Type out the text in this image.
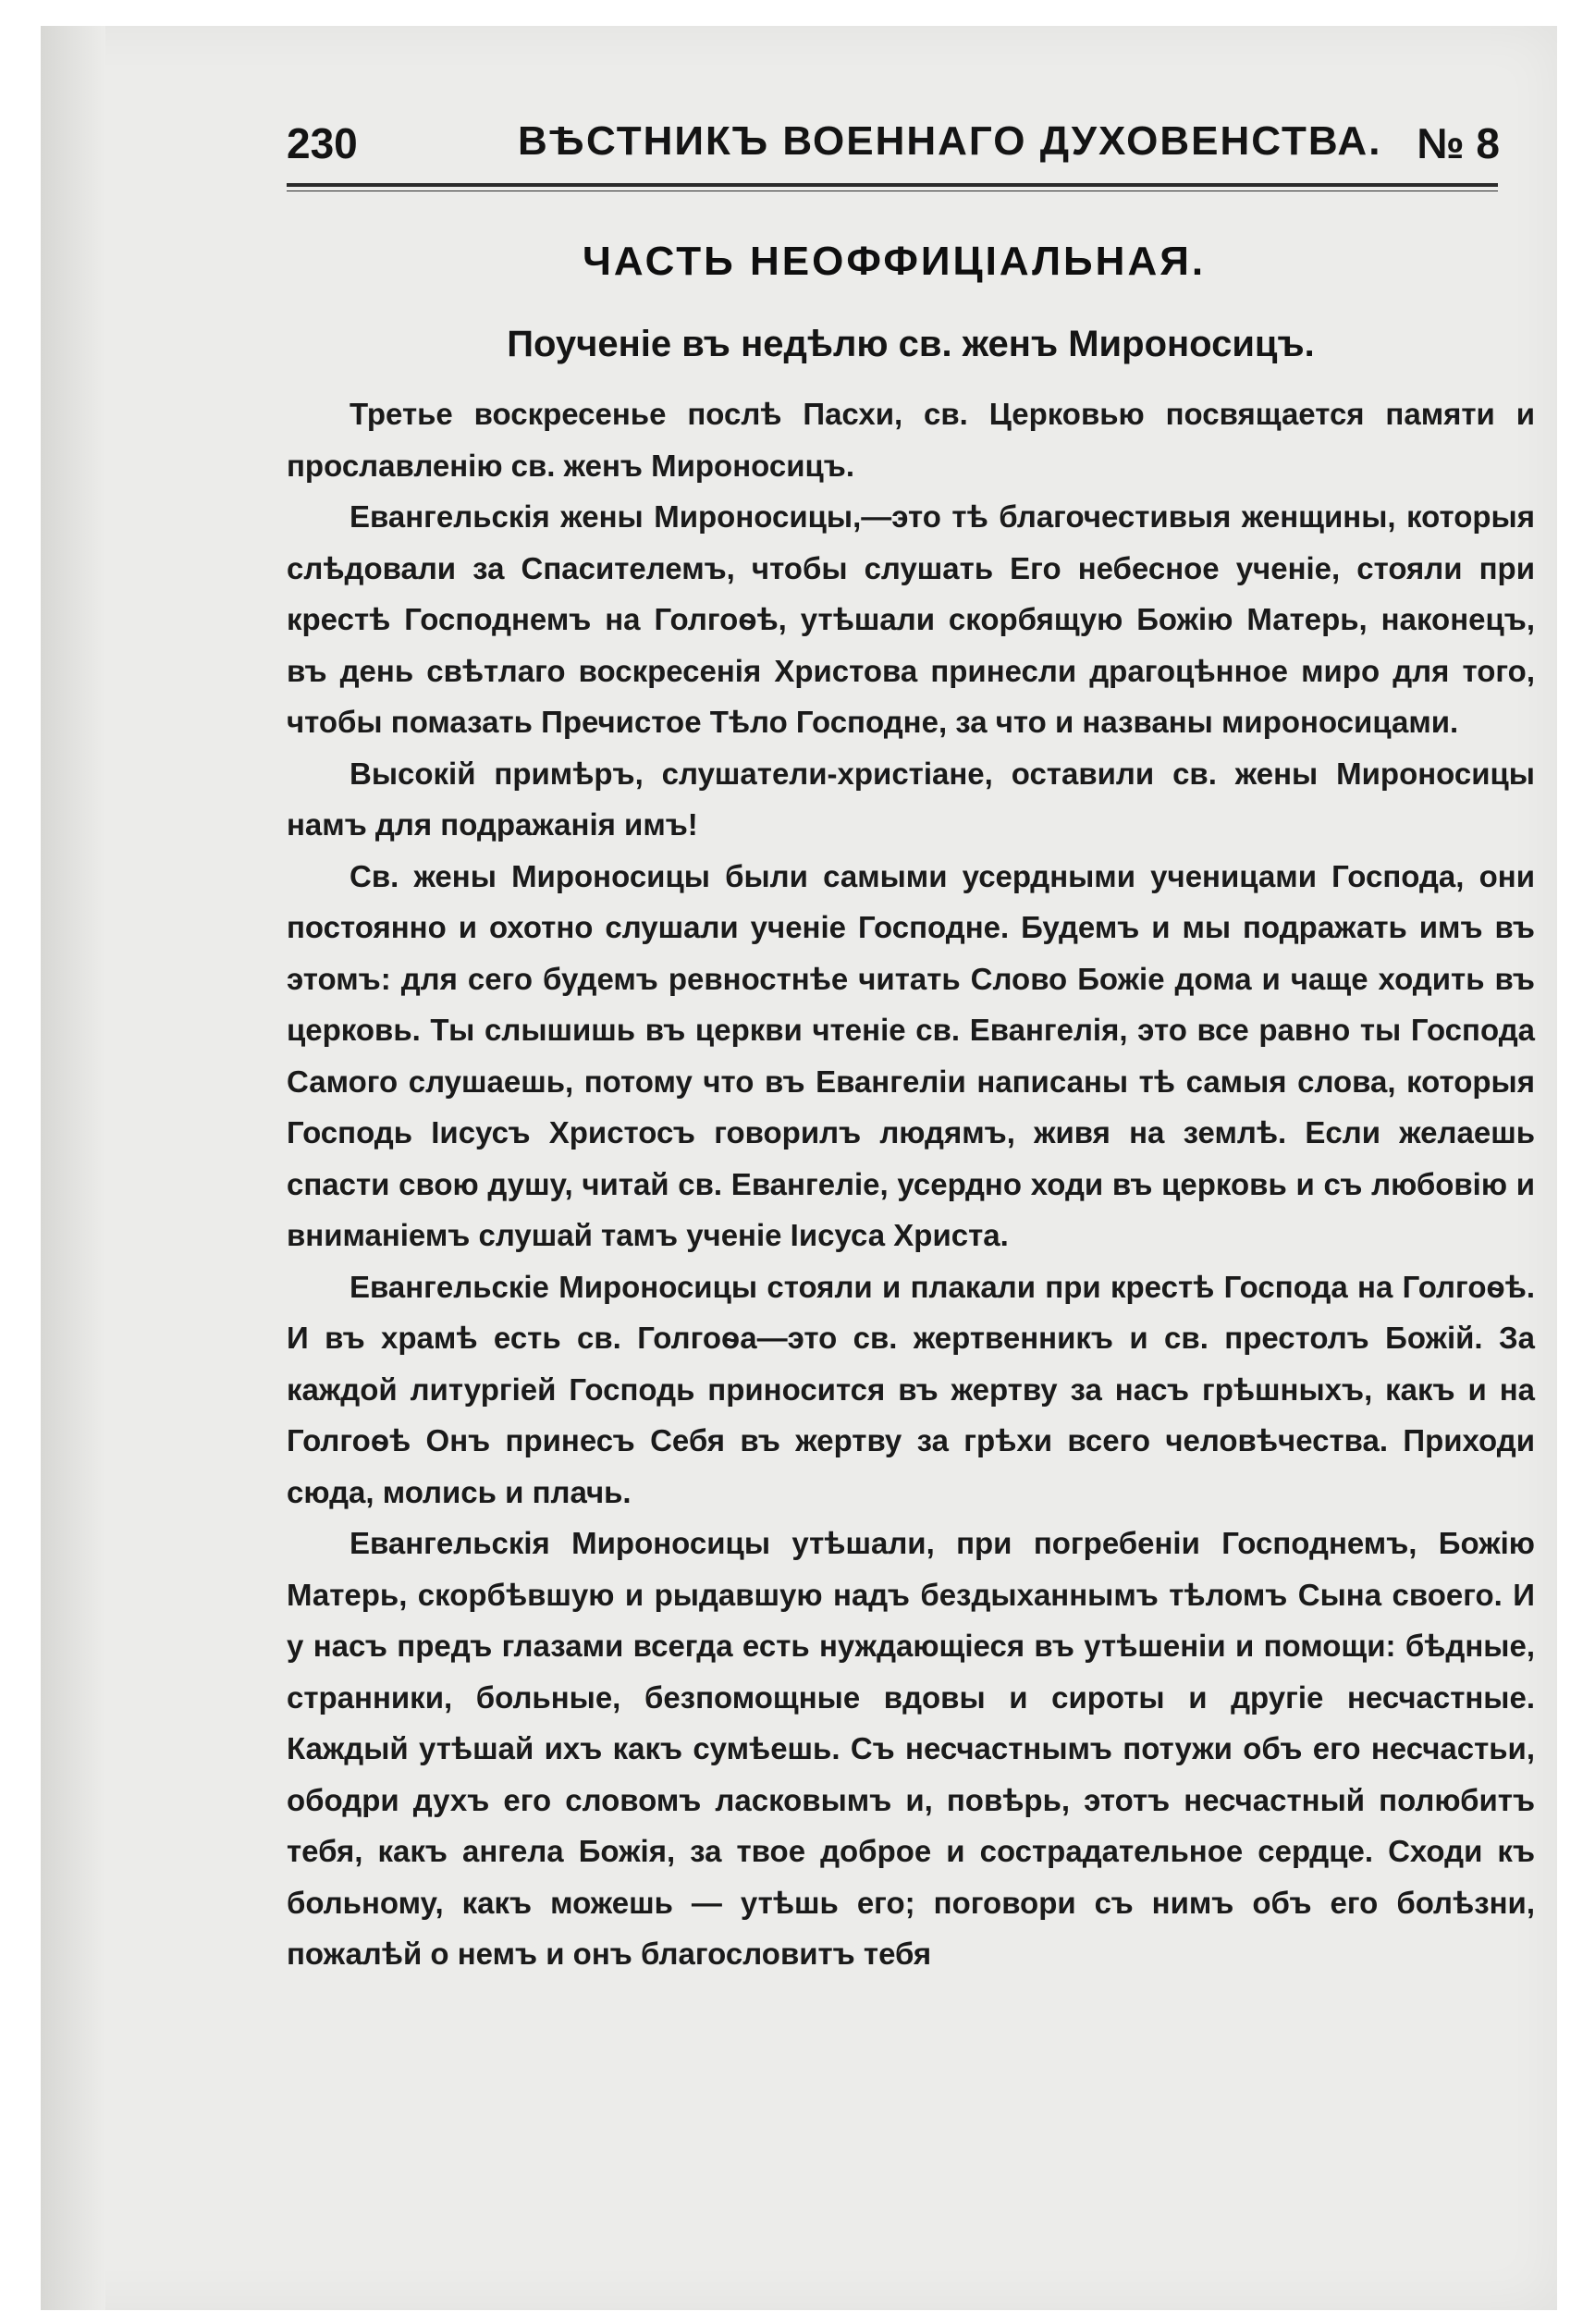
230	ВѢСТНИКЪ ВОЕННАГО ДУХОВЕНСТВА. № 8
ЧАСТЬ НЕОФФИЦІАЛЬНАЯ.
Поученіе въ недѣлю св. женъ Мироносицъ.

Третье воскресенье послѣ Пасхи, св. Церковью посвящается памяти и прославленію св. женъ Мироносицъ.

Евангельскія жены Мироносицы,—это тѣ благочестивыя женщины, которыя слѣдовали за Спасителемъ, чтобы слушать Его небесное ученіе, стояли при крестѣ Господнемъ на Голгоѳѣ, утѣшали скорбящую Божію Матерь, наконецъ, въ день свѣтлаго воскресенія Христова принесли драгоцѣнное миро для того, чтобы помазать Пречистое Тѣло Господне, за что и названы мироносицами.

Высокій примѣръ, слушатели-христіане, оставили св. жены Мироносицы намъ для подражанія имъ!

Св. жены Мироносицы были самыми усердными ученицами Господа, они постоянно и охотно слушали ученіе Господне. Будемъ и мы подражать имъ въ этомъ: для сего будемъ ревностнѣе читать Слово Божіе дома и чаще ходить въ церковь. Ты слышишь въ церкви чтеніе св. Евангелія, это все равно ты Господа Самого слушаешь, потому что въ Евангеліи написаны тѣ самыя слова, которыя Господь Іисусъ Христосъ говорилъ людямъ, живя на землѣ. Если желаешь спасти свою душу, читай св. Евангеліе, усердно ходи въ церковь и съ любовію и вниманіемъ слушай тамъ ученіе Іисуса Христа.

Евангельскіе Мироносицы стояли и плакали при крестѣ Господа на Голгоѳѣ. И въ храмѣ есть св. Голгоѳа—это св. жертвенникъ и св. престолъ Божій. За каждой литургіей Господь приносится въ жертву за насъ грѣшныхъ, какъ и на Голгоѳѣ Онъ принесъ Себя въ жертву за грѣхи всего человѣчества. Приходи сюда, молись и плачь.

Евангельскія Мироносицы утѣшали, при погребеніи Господнемъ, Божію Матерь, скорбѣвшую и рыдавшую надъ бездыханнымъ тѣломъ Сына своего. И у насъ предъ глазами всегда есть нуждающіеся въ утѣшеніи и помощи: бѣдные, странники, больные, безпомощные вдовы и сироты и другіе несчастные. Каждый утѣшай ихъ какъ сумѣешь. Съ несчастнымъ потужи объ его несчастьи, ободри духъ его словомъ ласковымъ и, повѣрь, этотъ несчастный полюбитъ тебя, какъ ангела Божія, за твое доброе и сострадательное сердце. Сходи къ больному, какъ можешь — утѣшь его; поговори съ нимъ объ его болѣзни, пожалѣй о немъ и онъ благословитъ тебя
